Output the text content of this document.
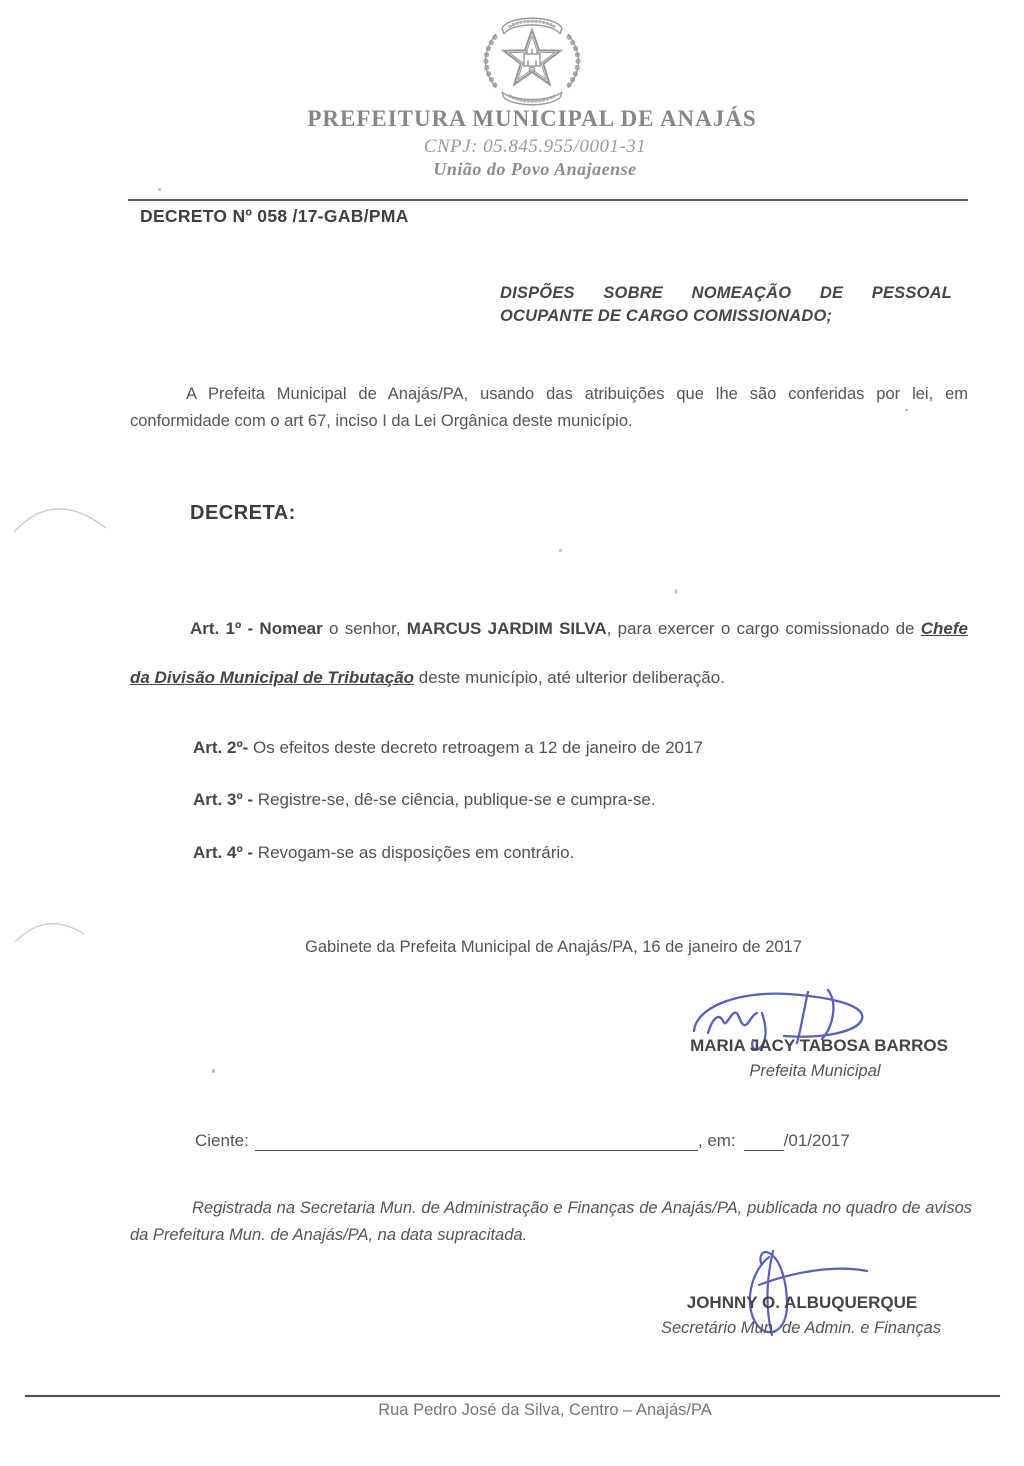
PREFEITURA MUNICIPAL DE ANAJÁS
CNPJ: 05.845.955/0001-31
União do Povo Anajaense
DECRETO Nº 058 /17-GAB/PMA
DISPÕES SOBRE NOMEAÇÃO DE PESSOAL OCUPANTE DE CARGO COMISSIONADO;

A Prefeita Municipal de Anajás/PA, usando das atribuições que lhe são conferidas por lei, em conformidade com o art 67, inciso I da Lei Orgânica deste município.

DECRETA:

Art. 1º - Nomear o senhor, MARCUS JARDIM SILVA, para exercer o cargo comissionado de Chefe da Divisão Municipal de Tributação deste município, até ulterior deliberação.

Art. 2º- Os efeitos deste decreto retroagem a 12 de janeiro de 2017
Art. 3º - Registre-se, dê-se ciência, publique-se e cumpra-se.
Art. 4º - Revogam-se as disposições em contrário.
Gabinete da Prefeita Municipal de Anajás/PA, 16 de janeiro de 2017
MARIA JACY TABOSA BARROS
Prefeita Municipal
Ciente:	, em:	/01/2017

Registrada na Secretaria Mun. de Administração e Finanças de Anajás/PA, publicada no quadro de avisos da Prefeitura Mun. de Anajás/PA, na data supracitada.

JOHNNY O. ALBUQUERQUE
Secretário Mun. de Admin. e Finanças
Rua Pedro José da Silva, Centro – Anajás/PA
